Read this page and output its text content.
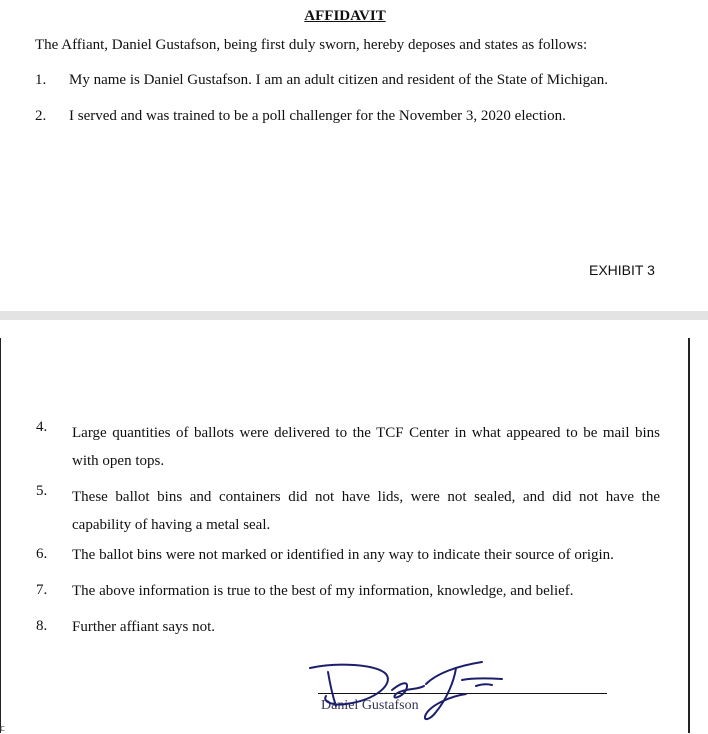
AFFIDAVIT
The Affiant, Daniel Gustafson, being first duly sworn, hereby deposes and states as follows:
1. My name is Daniel Gustafson. I am an adult citizen and resident of the State of Michigan.
2. I served and was trained to be a poll challenger for the November 3, 2020 election.
EXHIBIT 3
4. Large quantities of ballots were delivered to the TCF Center in what appeared to be mail bins with open tops.
5. These ballot bins and containers did not have lids, were not sealed, and did not have the capability of having a metal seal.
6. The ballot bins were not marked or identified in any way to indicate their source of origin.
7. The above information is true to the best of my information, knowledge, and belief.
8. Further affiant says not.
Daniel Gustafson
c
